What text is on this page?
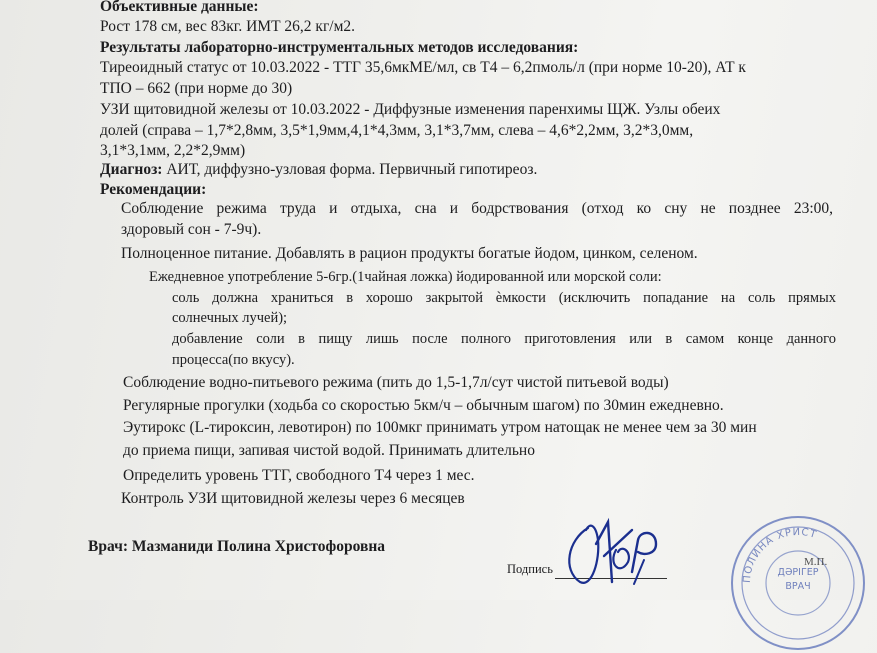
Объективные данные:
Рост 178 см, вес 83кг. ИМТ 26,2 кг/м2.
Результаты лабораторно-инструментальных методов исследования:
Тиреоидный статус от 10.03.2022 - ТТГ 35,6мкМЕ/мл, св Т4 – 6,2пмоль/л (при норме 10-20), АТ к
ТПО – 662 (при норме до 30)
УЗИ щитовидной железы от 10.03.2022 - Диффузные изменения паренхимы ЩЖ. Узлы обеих
долей (справа – 1,7*2,8мм, 3,5*1,9мм,4,1*4,3мм, 3,1*3,7мм, слева – 4,6*2,2мм, 3,2*3,0мм,
3,1*3,1мм, 2,2*2,9мм)
Диагноз: АИТ, диффузно-узловая форма. Первичный гипотиреоз.
Рекомендации:
Соблюдение режима труда и отдыха, сна и бодрствования (отход ко сну не позднее 23:00,
здоровый сон - 7-9ч).
Полноценное питание. Добавлять в рацион продукты богатые йодом, цинком, селеном.
Ежедневное употребление 5-6гр.(1чайная ложка) йодированной или морской соли:
соль должна храниться в хорошо закрытой ѐмкости (исключить попадание на соль прямых
солнечных лучей);
добавление соли в пищу лишь после полного приготовления или в самом конце данного
процесса(по вкусу).
Соблюдение водно-питьевого режима (пить до 1,5-1,7л/сут чистой питьевой воды)
Регулярные прогулки (ходьба со скоростью 5км/ч – обычным шагом) по 30мин ежедневно.
Эутирокс (L-тироксин, левотирон) по 100мкг принимать утром натощак не менее чем за 30 мин
до приема пищи, запивая чистой водой. Принимать длительно
Определить уровень ТТГ, свободного Т4 через 1 мес.
Контроль УЗИ щитовидной железы через 6 месяцев
Врач: Мазманиди Полина Христофоровна
Подпись
ПОЛИНА ХРИСТ
ДӘРІГЕР
ВРАЧ
М.П.
